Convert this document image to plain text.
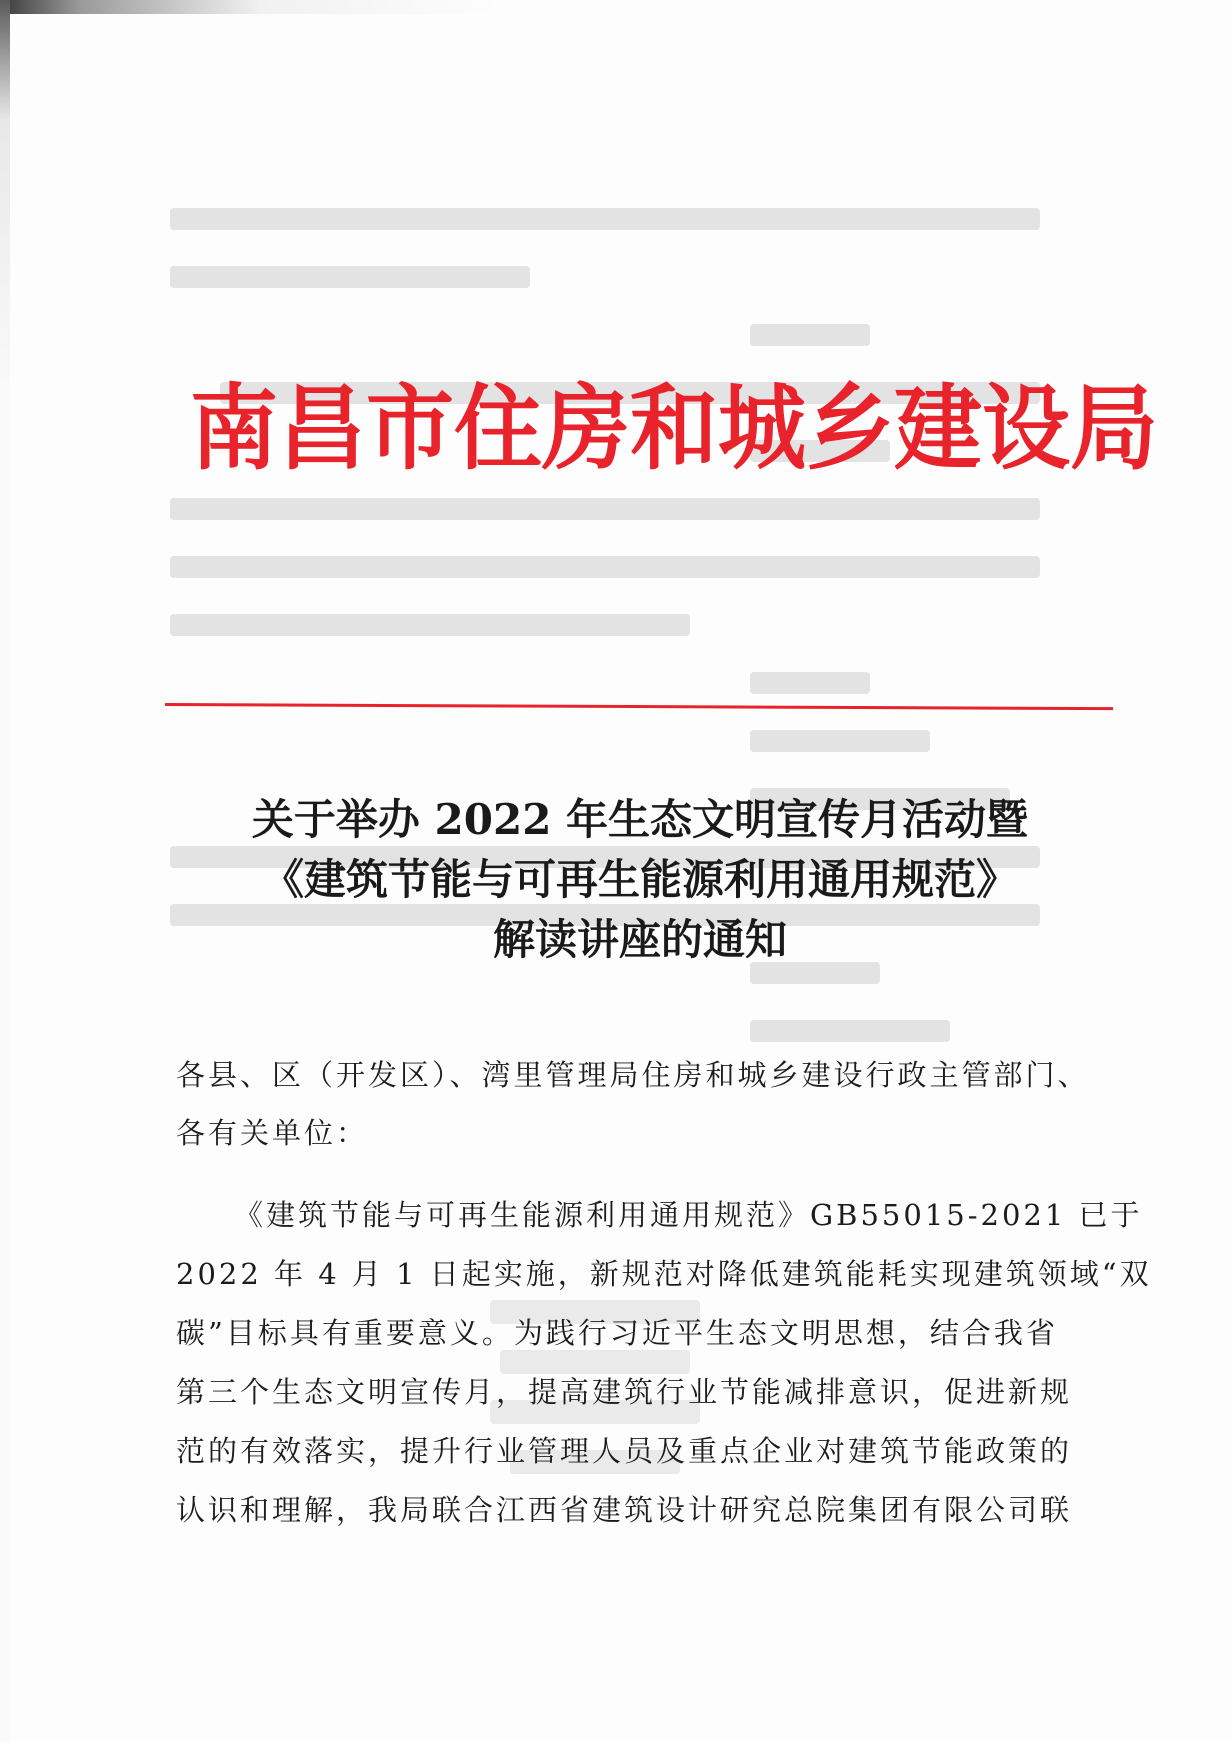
南昌市住房和城乡建设局
关于举办 2022 年生态文明宣传月活动暨
《建筑节能与可再生能源利用通用规范》
解读讲座的通知
各县、区（开发区）、湾里管理局住房和城乡建设行政主管部门、
各有关单位：
《建筑节能与可再生能源利用通用规范》GB55015-2021 已于
2022 年 4 月 1 日起实施，新规范对降低建筑能耗实现建筑领域“双
碳”目标具有重要意义。为践行习近平生态文明思想，结合我省
第三个生态文明宣传月，提高建筑行业节能减排意识，促进新规
范的有效落实，提升行业管理人员及重点企业对建筑节能政策的
认识和理解，我局联合江西省建筑设计研究总院集团有限公司联
